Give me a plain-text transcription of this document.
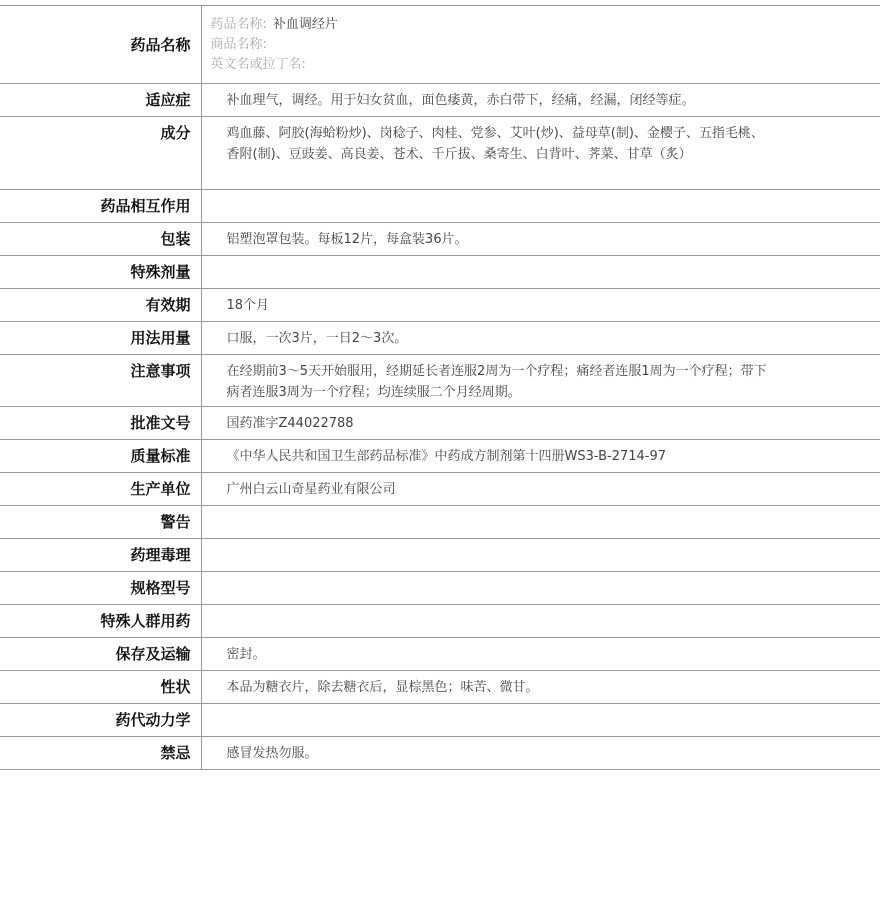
药品名称	药品名称: 补血调经片
商品名称:
英文名或拉丁名:

适应症	补血理气，调经。用于妇女贫血，面色痿黄，赤白带下，经痛，经漏，闭经等症。
成分	鸡血藤、阿胶(海蛤粉炒)、岗稔子、肉桂、党参、艾叶(炒)、益母草(制)、金樱子、五指毛桃、香附(制)、豆豉姜、高良姜、苍术、千斤拔、桑寄生、白背叶、荠菜、甘草（炙）

药品相互作用	
包装	铝塑泡罩包装。每板12片，每盒装36片。
特殊剂量	
有效期	18个月
用法用量	口服，一次3片，一日2～3次。
注意事项	在经期前3～5天开始服用，经期延长者连服2周为一个疗程；痛经者连服1周为一个疗程；带下病者连服3周为一个疗程；均连续服二个月经周期。

批准文号	国药准字Z44022788
质量标准	《中华人民共和国卫生部药品标准》中药成方制剂第十四册WS3-B-2714-97
生产单位	广州白云山奇星药业有限公司
警告	
药理毒理	
规格型号	
特殊人群用药	
保存及运输	密封。
性状	本品为糖衣片，除去糖衣后，显棕黑色；味苦、微甘。
药代动力学	
禁忌	感冒发热勿服。
